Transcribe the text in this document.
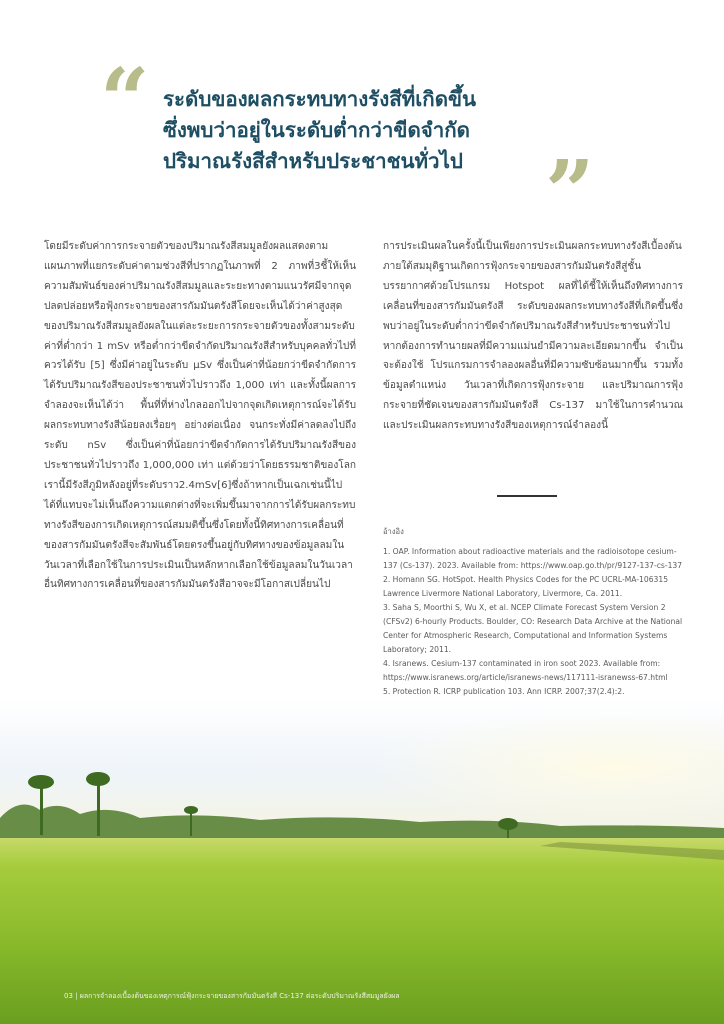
“ ระดับของผลกระทบทางรังสีที่เกิดขึ้น
ซึ่งพบว่าอยู่ในระดับต่ำกว่าขีดจำกัด
ปริมาณรังสีสำหรับประชาชนทั่วไป ”

โดยมีระดับค่าการกระจายตัวของปริมาณรังสีสมมูลยังผลแสดงตามแผนภาพที่แยกระดับค่าตามช่วงสีที่ปรากฏในภาพที่ 2 ภาพที่3ชี้ให้เห็นความสัมพันธ์ของค่าปริมาณรังสีสมมูลและระยะทางตามแนวรัศมีจากจุดปลดปล่อยหรือฟุ้งกระจายของสารกัมมันตรังสีโดยจะเห็นได้ว่าค่าสูงสุดของปริมาณรังสีสมมูลยังผลในแต่ละระยะการกระจายตัวของทั้งสามระดับค่าที่ต่ำกว่า 1 mSv หรือต่ำกว่าขีดจำกัดปริมาณรังสีสำหรับบุคคลทั่วไปที่ควรได้รับ [5] ซึ่งมีค่าอยู่ในระดับ μSv ซึ่งเป็นค่าที่น้อยกว่าขีดจำกัดการได้รับปริมาณรังสีของประชาชนทั่วไปราวถึง 1,000 เท่า และทั้งนี้ผลการจำลองจะเห็นได้ว่า พื้นที่ที่ห่างไกลออกไปจากจุดเกิดเหตุการณ์จะได้รับผลกระทบทางรังสีน้อยลงเรื่อยๆ อย่างต่อเนื่อง จนกระทั่งมีค่าลดลงไปถึงระดับ nSv ซึ่งเป็นค่าที่น้อยกว่าขีดจำกัดการได้รับปริมาณรังสีของประชาชนทั่วไปราวถึง 1,000,000 เท่า แต่ด้วยว่าโดยธรรมชาติของโลกเรานี้มีรังสีภูมิหลังอยู่ที่ระดับราว2.4mSv[6]ซึ่งถ้าหากเป็นเฉกเช่นนี้ไปได้ที่แทบจะไม่เห็นถึงความแตกต่างที่จะเพิ่มขึ้นมาจากการได้รับผลกระทบทางรังสีของการเกิดเหตุการณ์สมมติขึ้นซึ่งโดยทั้งนี้ทิศทางการเคลื่อนที่ของสารกัมมันตรังสีจะสัมพันธ์โดยตรงขึ้นอยู่กับทิศทางของข้อมูลลมในวันเวลาที่เลือกใช้ในการประเมินเป็นหลักหากเลือกใช้ข้อมูลลมในวันเวลาอื่นทิศทางการเคลื่อนที่ของสารกัมมันตรังสีอาจจะมีโอกาสเปลี่ยนไป

การประเมินผลในครั้งนี้เป็นเพียงการประเมินผลกระทบทางรังสีเบื้องต้น ภายใต้สมมุติฐานเกิดการฟุ้งกระจายของสารกัมมันตรังสีสู่ชั้นบรรยากาศด้วยโปรแกรม Hotspot ผลที่ได้ชี้ให้เห็นถึงทิศทางการเคลื่อนที่ของสารกัมมันตรังสี ระดับของผลกระทบทางรังสีที่เกิดขึ้นซึ่งพบว่าอยู่ในระดับต่ำกว่าขีดจำกัดปริมาณรังสีสำหรับประชาชนทั่วไป หากต้องการทำนายผลที่มีความแม่นยำมีความละเอียดมากขึ้น จำเป็นจะต้องใช้ โปรแกรมการจำลองผลอื่นที่มีความซับซ้อนมากขึ้น รวมทั้งข้อมูลตำแหน่ง วันเวลาที่เกิดการฟุ้งกระจาย และปริมาณการฟุ้งกระจายที่ชัดเจนของสารกัมมันตรังสี Cs-137 มาใช้ในการคำนวณและประเมินผลกระทบทางรังสีของเหตุการณ์จำลองนี้

อ้างอิง
1. OAP. Information about radioactive materials and the radioisotope cesium-137 (Cs-137). 2023. Available from: https://www.oap.go.th/pr/9127-137-cs-137
2. Homann SG. HotSpot. Health Physics Codes for the PC UCRL-MA-106315 Lawrence Livermore National Laboratory, Livermore, Ca. 2011.
3. Saha S, Moorthi S, Wu X, et al. NCEP Climate Forecast System Version 2 (CFSv2) 6-hourly Products. Boulder, CO: Research Data Archive at the National Center for Atmospheric Research, Computational and Information Systems Laboratory; 2011.
4. Isranews. Cesium-137 contaminated in iron soot 2023. Available from: https://www.isranews.org/article/isranews-news/117111-isranewss-67.html
5. Protection R. ICRP publication 103. Ann ICRP. 2007;37(2.4):2.
03 | ผลการจำลองเบื้องต้นของเหตุการณ์ฟุ้งกระจายของสารกัมมันตรังสี Cs-137 ต่อระดับปริมาณรังสีสมมูลยังผล
